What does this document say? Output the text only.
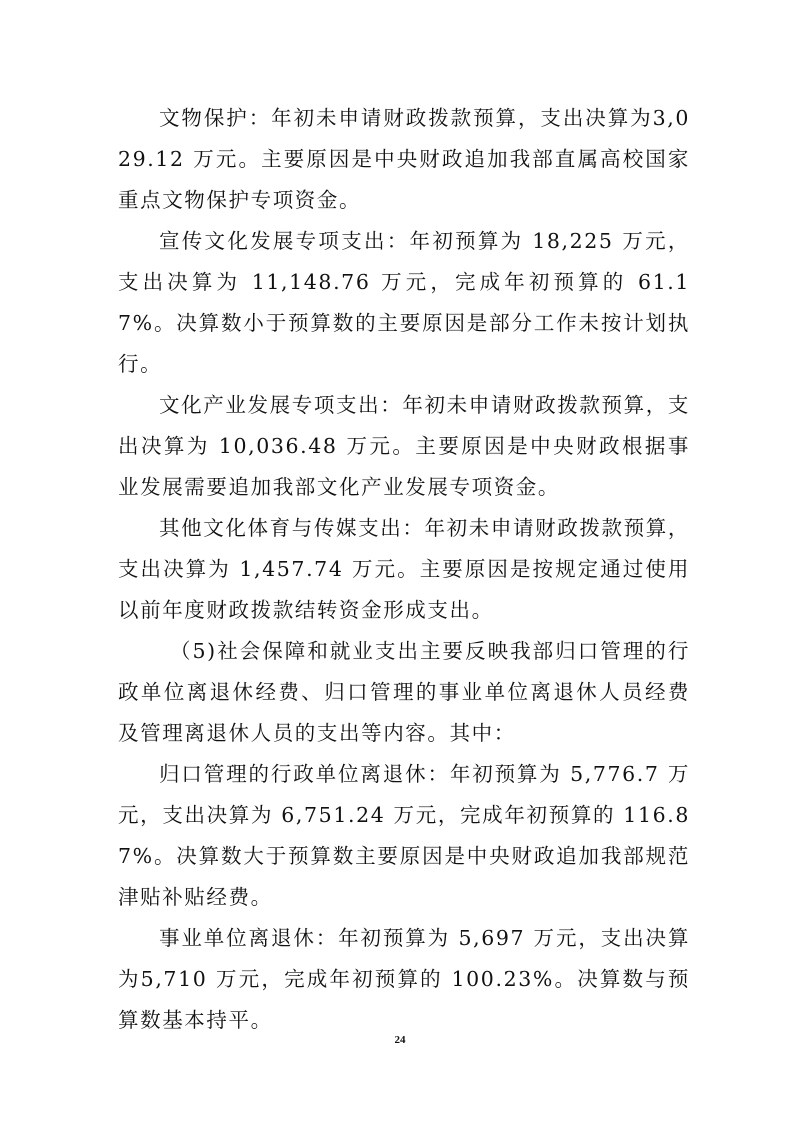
文物保护：年初未申请财政拨款预算，支出决算为3,029.12 万元。主要原因是中央财政追加我部直属高校国家重点文物保护专项资金。

宣传文化发展专项支出：年初预算为 18,225 万元，支出决算为 11,148.76 万元，完成年初预算的 61.17%。决算数小于预算数的主要原因是部分工作未按计划执行。

文化产业发展专项支出：年初未申请财政拨款预算，支出决算为 10,036.48 万元。主要原因是中央财政根据事业发展需要追加我部文化产业发展专项资金。

其他文化体育与传媒支出：年初未申请财政拨款预算，支出决算为 1,457.74 万元。主要原因是按规定通过使用以前年度财政拨款结转资金形成支出。

（5)社会保障和就业支出主要反映我部归口管理的行政单位离退休经费、归口管理的事业单位离退休人员经费及管理离退休人员的支出等内容。其中：

归口管理的行政单位离退休：年初预算为 5,776.7 万元，支出决算为 6,751.24 万元，完成年初预算的 116.87%。决算数大于预算数主要原因是中央财政追加我部规范津贴补贴经费。

事业单位离退休：年初预算为 5,697 万元，支出决算为5,710 万元，完成年初预算的 100.23%。决算数与预算数基本持平。

24
